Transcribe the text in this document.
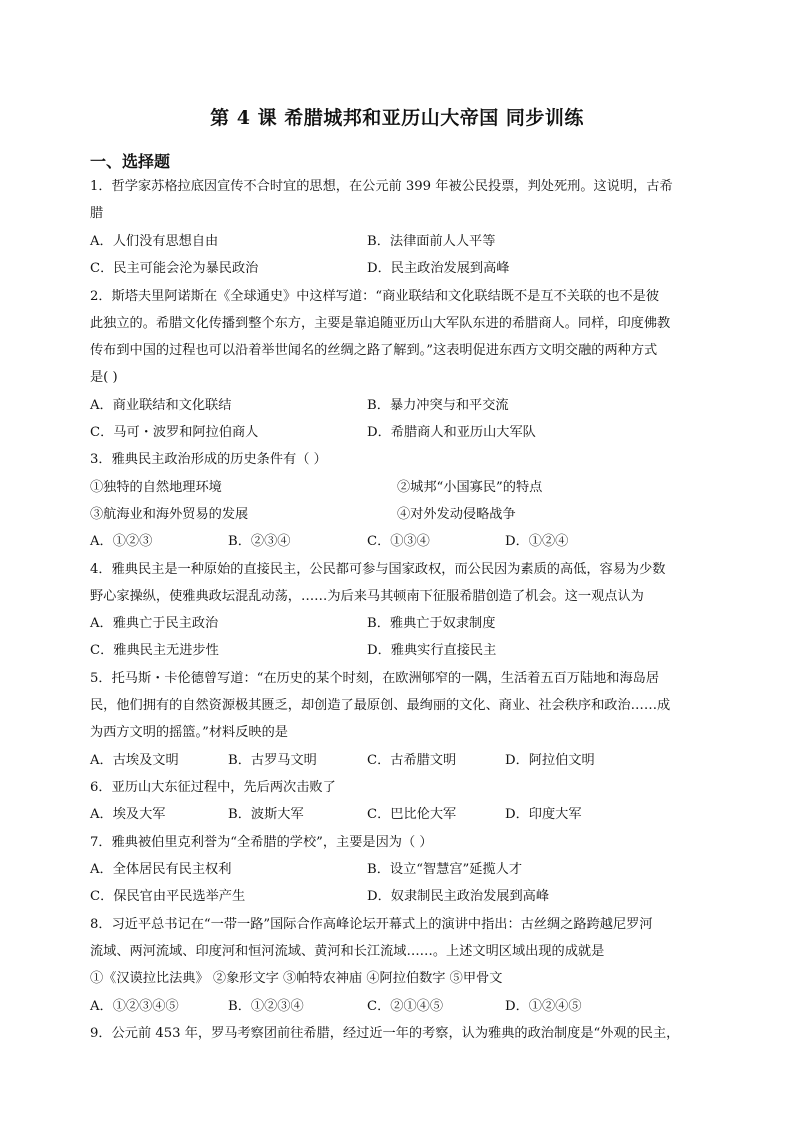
第 4 课 希腊城邦和亚历山大帝国 同步训练
一、选择题
1．哲学家苏格拉底因宣传不合时宜的思想，在公元前 399 年被公民投票，判处死刑。这说明，古希
腊
A．人们没有思想自由	B．法律面前人人平等
C．民主可能会沦为暴民政治	D．民主政治发展到高峰
2．斯塔夫里阿诺斯在《全球通史》中这样写道：“商业联结和文化联结既不是互不关联的也不是彼
此独立的。希腊文化传播到整个东方，主要是靠追随亚历山大军队东进的希腊商人。同样，印度佛教
传布到中国的过程也可以沿着举世闻名的丝绸之路了解到。”这表明促进东西方文明交融的两种方式
是( )
A．商业联结和文化联结	B．暴力冲突与和平交流
C．马可・波罗和阿拉伯商人	D．希腊商人和亚历山大军队
3．雅典民主政治形成的历史条件有（ ）
①独特的自然地理环境	②城邦“小国寡民”的特点
③航海业和海外贸易的发展	④对外发动侵略战争
A．①②③	B．②③④	C．①③④	D．①②④
4．雅典民主是一种原始的直接民主，公民都可参与国家政权，而公民因为素质的高低，容易为少数
野心家操纵，使雅典政坛混乱动荡，……为后来马其顿南下征服希腊创造了机会。这一观点认为
A．雅典亡于民主政治	B．雅典亡于奴隶制度
C．雅典民主无进步性	D．雅典实行直接民主
5．托马斯・卡伦德曾写道：“在历史的某个时刻，在欧洲郇窄的一隅，生活着五百万陆地和海岛居
民，他们拥有的自然资源极其匮乏，却创造了最原创、最绚丽的文化、商业、社会秩序和政治……成
为西方文明的摇篮。”材料反映的是
A．古埃及文明	B．古罗马文明	C．古希腊文明	D．阿拉伯文明
6．亚历山大东征过程中，先后两次击败了
A．埃及大军	B．波斯大军	C．巴比伦大军	D．印度大军
7．雅典被伯里克利誉为“全希腊的学校”，主要是因为（ ）
A．全体居民有民主权利	B．设立“智慧宫”延揽人才
C．保民官由平民选举产生	D．奴隶制民主政治发展到高峰
8．习近平总书记在“一带一路”国际合作高峰论坛开幕式上的演讲中指出：古丝绸之路跨越尼罗河
流域、两河流域、印度河和恒河流域、黄河和长江流域……。上述文明区域出现的成就是
①《汉谟拉比法典》 ②象形文字 ③帕特农神庙 ④阿拉伯数字 ⑤甲骨文
A．①②③④⑤	B．①②③④	C．②①④⑤	D．①②④⑤
9．公元前 453 年，罗马考察团前往希腊，经过近一年的考察，认为雅典的政治制度是“外观的民主，
